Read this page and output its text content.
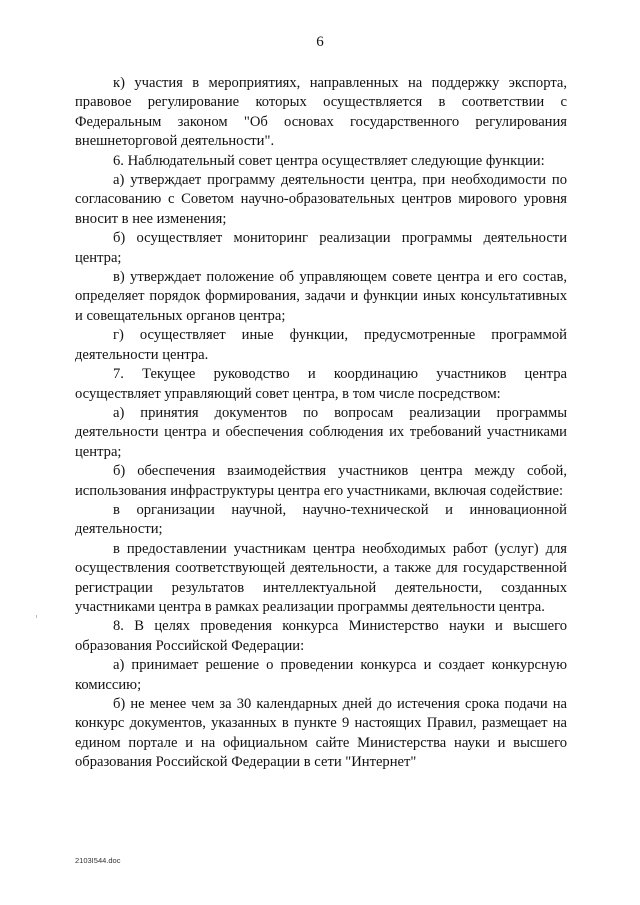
6

к) участия в мероприятиях, направленных на поддержку экспорта, правовое регулирование которых осуществляется в соответствии с Федеральным законом "Об основах государственного регулирования внешнеторговой деятельности".

6. Наблюдательный совет центра осуществляет следующие функции:

а) утверждает программу деятельности центра, при необходимости по согласованию с Советом научно-образовательных центров мирового уровня вносит в нее изменения;

б) осуществляет мониторинг реализации программы деятельности центра;

в) утверждает положение об управляющем совете центра и его состав, определяет порядок формирования, задачи и функции иных консультативных и совещательных органов центра;

г) осуществляет иные функции, предусмотренные программой деятельности центра.

7. Текущее руководство и координацию участников центра осуществляет управляющий совет центра, в том числе посредством:

а) принятия документов по вопросам реализации программы деятельности центра и обеспечения соблюдения их требований участниками центра;

б) обеспечения взаимодействия участников центра между собой, использования инфраструктуры центра его участниками, включая содействие:

в организации научной, научно-технической и инновационной деятельности;

в предоставлении участникам центра необходимых работ (услуг) для осуществления соответствующей деятельности, а также для государственной регистрации результатов интеллектуальной деятельности, созданных участниками центра в рамках реализации программы деятельности центра.

8. В целях проведения конкурса Министерство науки и высшего образования Российской Федерации:

а) принимает решение о проведении конкурса и создает конкурсную комиссию;

б) не менее чем за 30 календарных дней до истечения срока подачи на конкурс документов, указанных в пункте 9 настоящих Правил, размещает на едином портале и на официальном сайте Министерства науки и высшего образования Российской Федерации в сети "Интернет"

2103I544.doc
